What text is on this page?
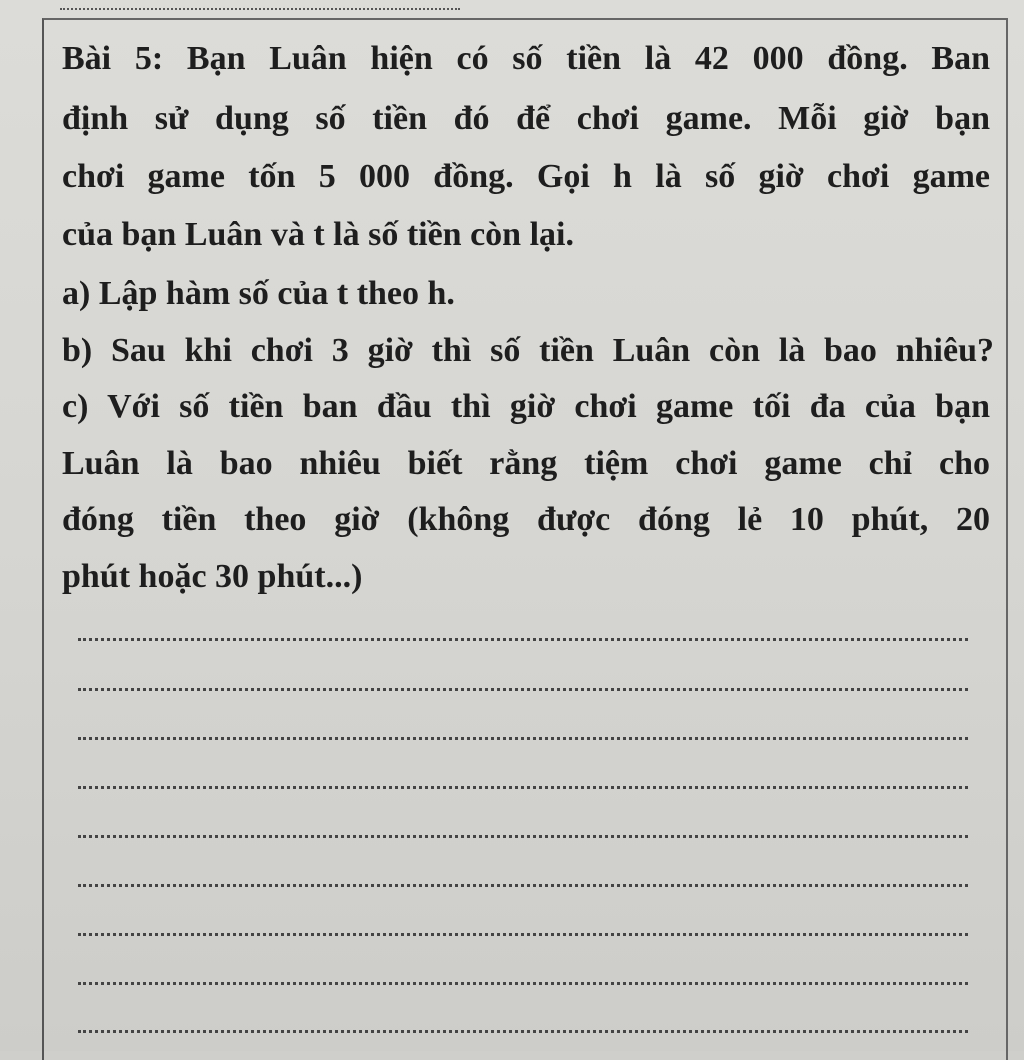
Bài 5: Bạn Luân hiện có số tiền là 42 000 đồng. Ban
định sử dụng số tiền đó để chơi game. Mỗi giờ bạn
chơi game tốn 5 000 đồng. Gọi h là số giờ chơi game
của bạn Luân và t là số tiền còn lại.
a) Lập hàm số của t theo h.
b) Sau khi chơi 3 giờ thì số tiền Luân còn là bao nhiêu?
c) Với số tiền ban đầu thì giờ chơi game tối đa của bạn
Luân là bao nhiêu biết rằng tiệm chơi game chỉ cho
đóng tiền theo giờ (không được đóng lẻ 10 phút, 20
phút hoặc 30 phút...)
